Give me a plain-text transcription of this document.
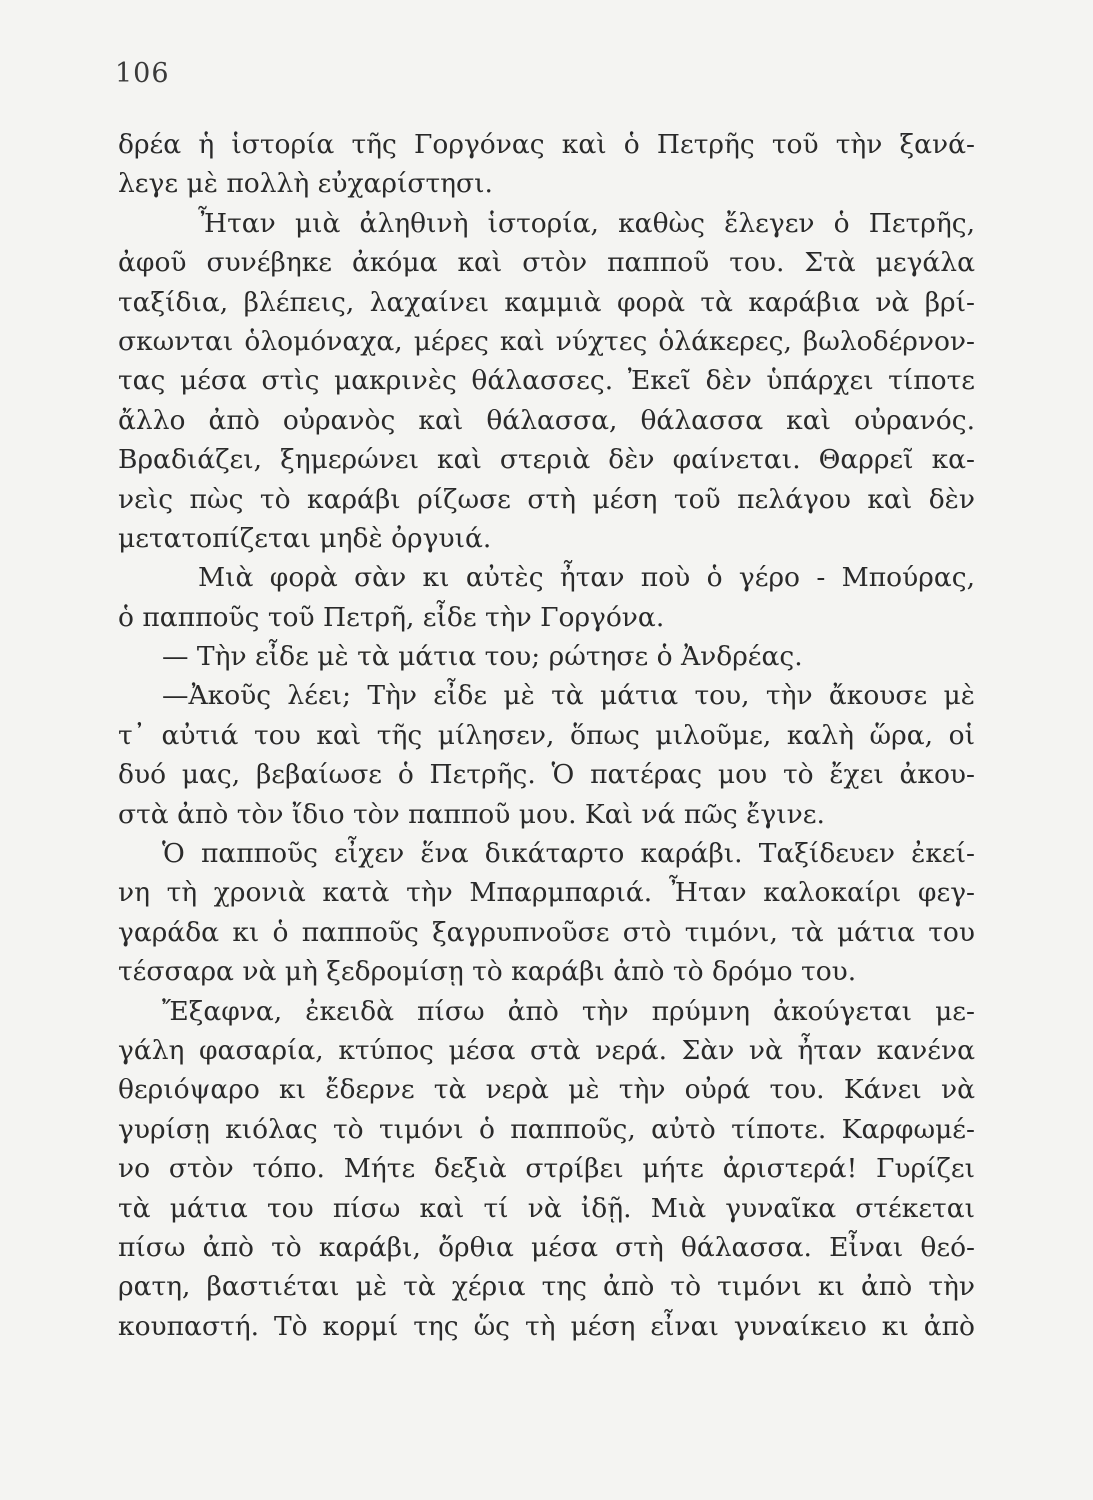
106
δρέα ἡ ἱστορία τῆς Γοργόνας καὶ ὁ Πετρῆς τοῦ τὴν ξανά-
λεγε μὲ πολλὴ εὐχαρίστησι.
Ἦταν μιὰ ἀληθινὴ ἱστορία, καθὼς ἔλεγεν ὁ Πετρῆς,
ἀφοῦ συνέβηκε ἀκόμα καὶ στὸν παπποῦ του. Στὰ μεγάλα
ταξίδια, βλέπεις, λαχαίνει καμμιὰ φορὰ τὰ καράβια νὰ βρί-
σκωνται ὁλομόναχα, μέρες καὶ νύχτες ὁλάκερες, βωλοδέρνον-
τας μέσα στὶς μακρινὲς θάλασσες. Ἐκεῖ δὲν ὑπάρχει τίποτε
ἄλλο ἀπὸ οὐρανὸς καὶ θάλασσα, θάλασσα καὶ οὐρανός.
Βραδιάζει, ξημερώνει καὶ στεριὰ δὲν φαίνεται. Θαρρεῖ κα-
νεὶς πὼς τὸ καράβι ρίζωσε στὴ μέση τοῦ πελάγου καὶ δὲν
μετατοπίζεται μηδὲ ὀργυιά.
Μιὰ φορὰ σὰν κι αὐτὲς ἦταν ποὺ ὁ γέρο - Μπούρας,
ὁ παπποῦς τοῦ Πετρῆ, εἶδε τὴν Γοργόνα.
— Τὴν εἶδε μὲ τὰ μάτια του; ρώτησε ὁ Ἀνδρέας.
—Ἀκοῦς λέει; Τὴν εἶδε μὲ τὰ μάτια του, τὴν ἄκουσε μὲ
τ᾽ αὐτιά του καὶ τῆς μίλησεν, ὅπως μιλοῦμε, καλὴ ὥρα, οἱ
δυό μας, βεβαίωσε ὁ Πετρῆς. Ὁ πατέρας μου τὸ ἔχει ἀκου-
στὰ ἀπὸ τὸν ἴδιο τὸν παπποῦ μου. Καὶ νά πῶς ἔγινε.
Ὁ παπποῦς εἶχεν ἕνα δικάταρτο καράβι. Ταξίδευεν ἐκεί-
νη τὴ χρονιὰ κατὰ τὴν Μπαρμπαριά. Ἦταν καλοκαίρι φεγ-
γαράδα κι ὁ παπποῦς ξαγρυπνοῦσε στὸ τιμόνι, τὰ μάτια του
τέσσαρα νὰ μὴ ξεδρομίσῃ τὸ καράβι ἀπὸ τὸ δρόμο του.
Ἔξαφνα, ἐκειδὰ πίσω ἀπὸ τὴν πρύμνη ἀκούγεται με-
γάλη φασαρία, κτύπος μέσα στὰ νερά. Σὰν νὰ ἦταν κανένα
θεριόψαρο κι ἔδερνε τὰ νερὰ μὲ τὴν οὐρά του. Κάνει νὰ
γυρίσῃ κιόλας τὸ τιμόνι ὁ παπποῦς, αὐτὸ τίποτε. Καρφωμέ-
νο στὸν τόπο. Μήτε δεξιὰ στρίβει μήτε ἀριστερά! Γυρίζει
τὰ μάτια του πίσω καὶ τί νὰ ἰδῇ. Μιὰ γυναῖκα στέκεται
πίσω ἀπὸ τὸ καράβι, ὄρθια μέσα στὴ θάλασσα. Εἶναι θεό-
ρατη, βαστιέται μὲ τὰ χέρια της ἀπὸ τὸ τιμόνι κι ἀπὸ τὴν
κουπαστή. Τὸ κορμί της ὥς τὴ μέση εἶναι γυναίκειο κι ἀπὸ
